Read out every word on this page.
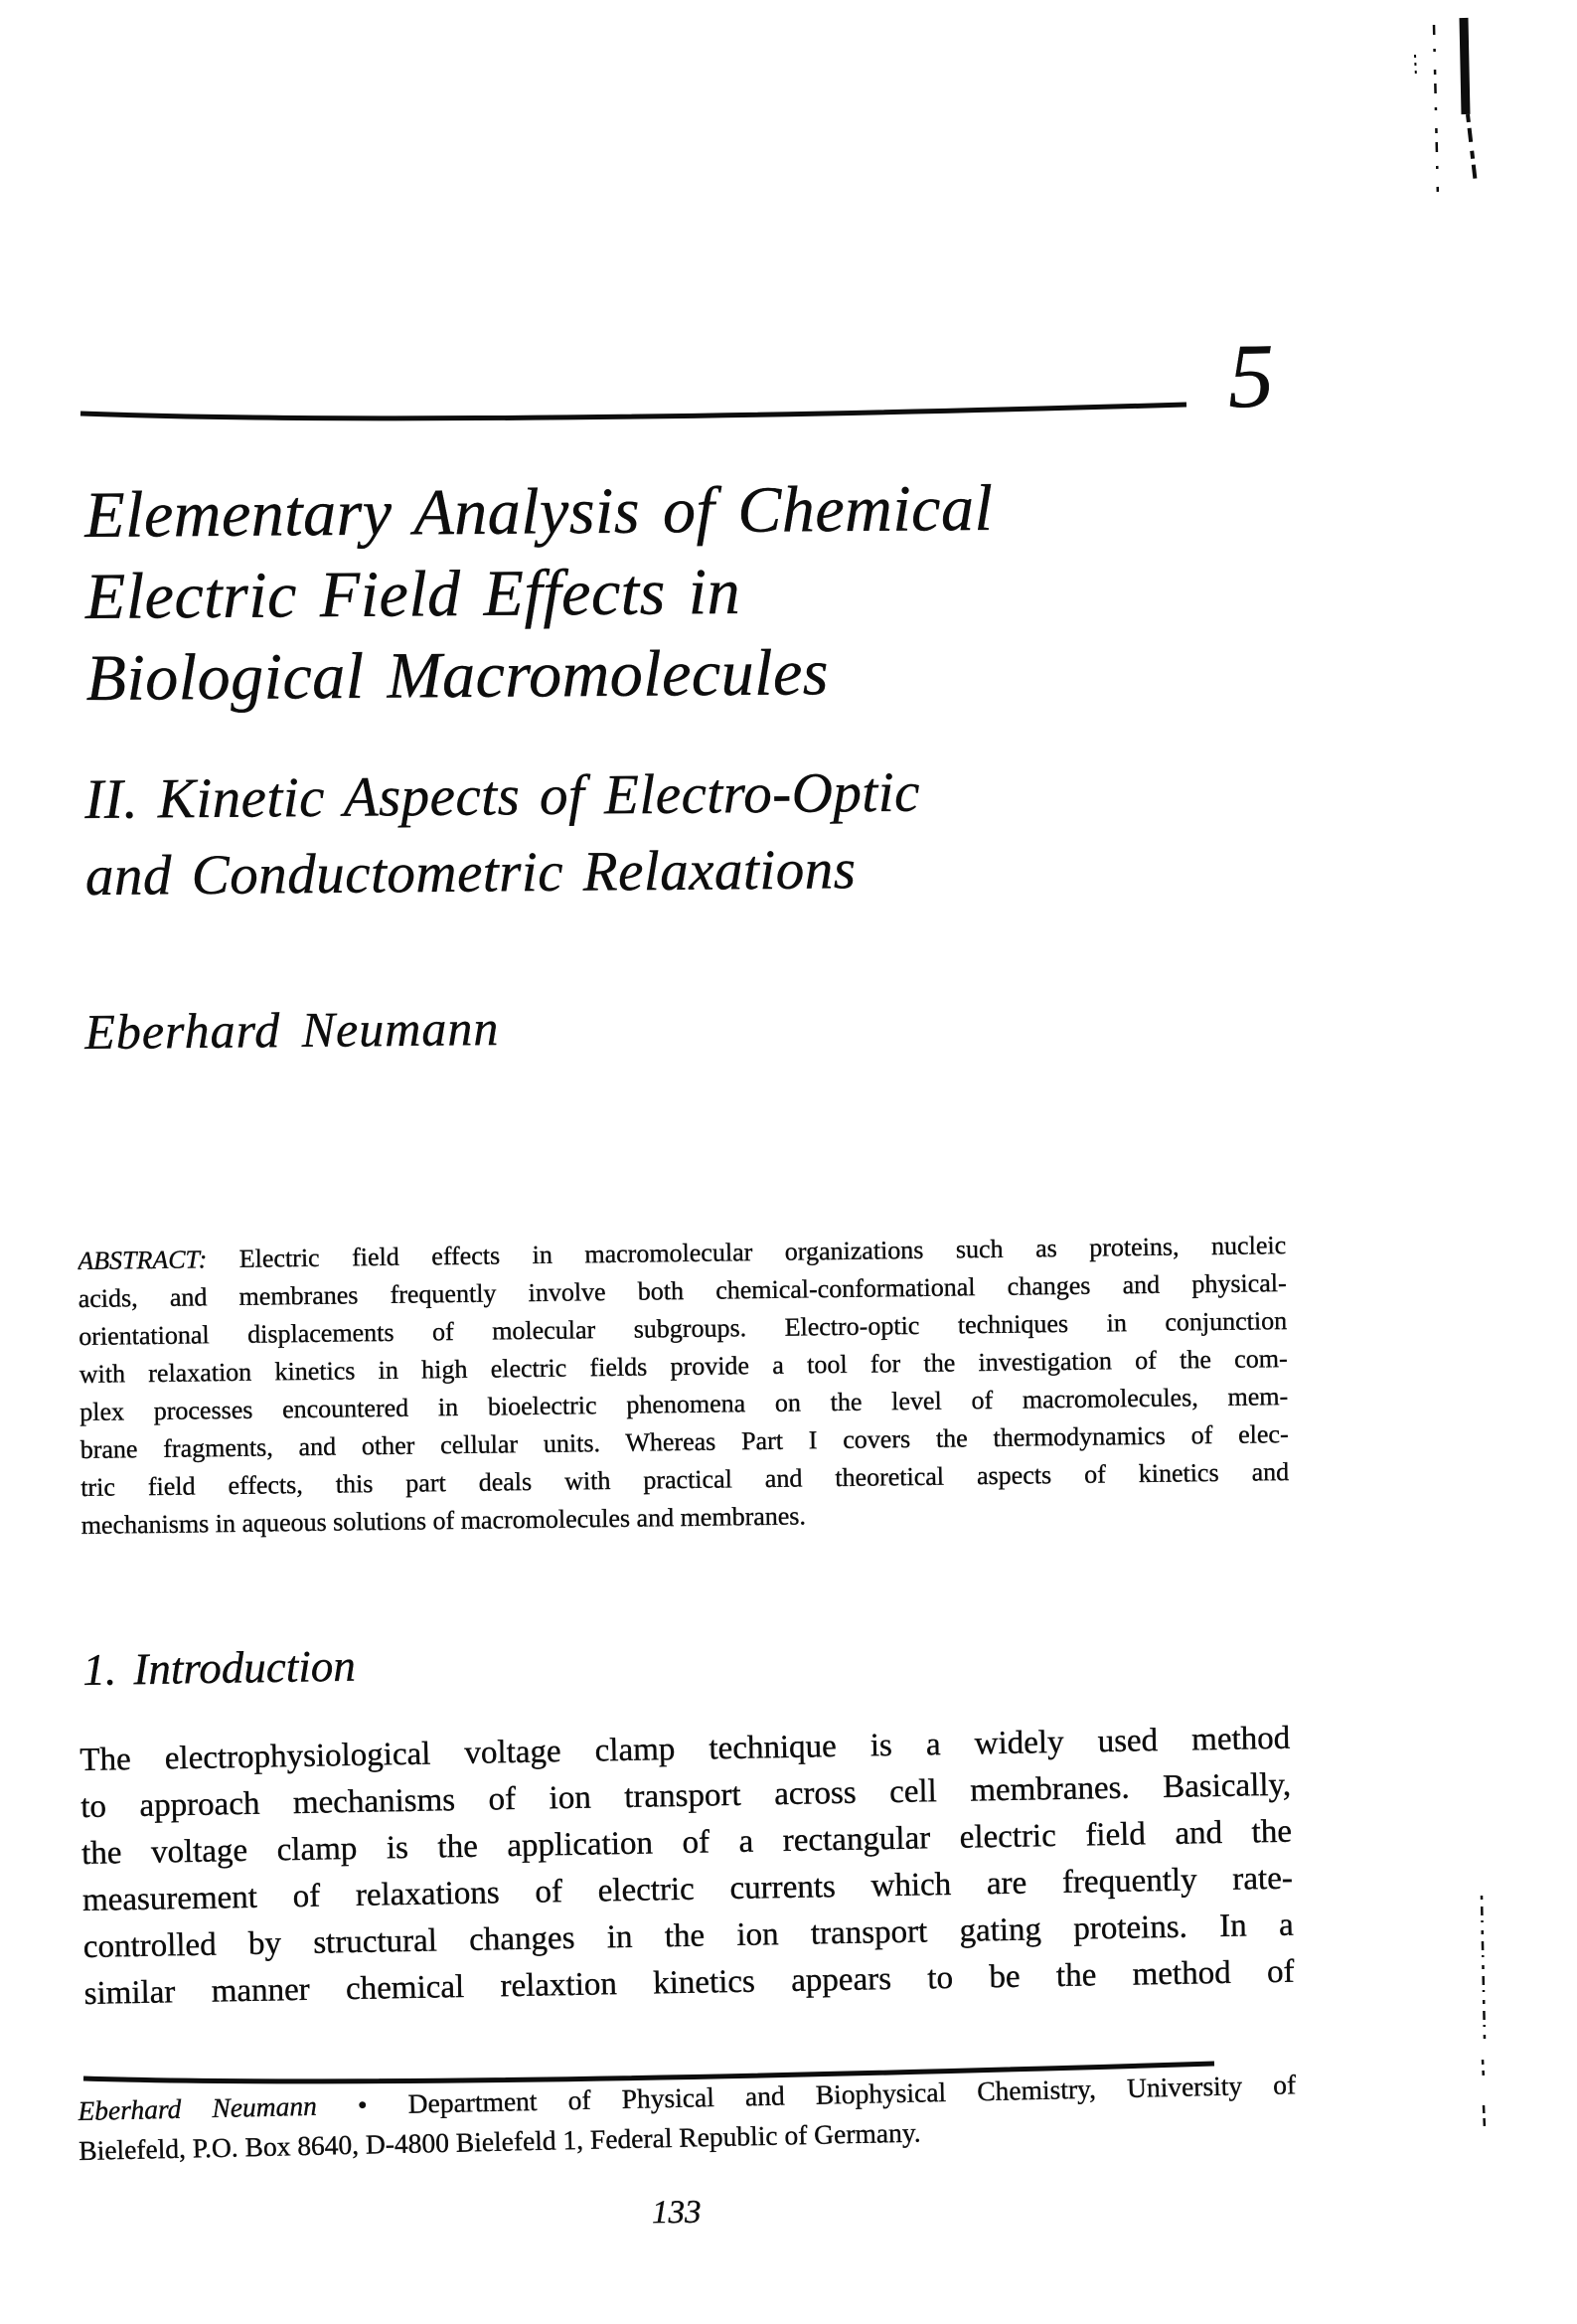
5
Elementary Analysis of Chemical
Electric Field Effects in
Biological Macromolecules
II. Kinetic Aspects of Electro-Optic
and Conductometric Relaxations
Eberhard Neumann
ABSTRACT: Electric field effects in macromolecular organizations such as proteins, nucleic
acids, and membranes frequently involve both chemical-conformational changes and physical-
orientational displacements of molecular subgroups. Electro-optic techniques in conjunction
with relaxation kinetics in high electric fields provide a tool for the investigation of the com-
plex processes encountered in bioelectric phenomena on the level of macromolecules, mem-
brane fragments, and other cellular units. Whereas Part I covers the thermodynamics of elec-
tric field effects, this part deals with practical and theoretical aspects of kinetics and
mechanisms in aqueous solutions of macromolecules and membranes.
1. Introduction
The electrophysiological voltage clamp technique is a widely used method
to approach mechanisms of ion transport across cell membranes. Basically,
the voltage clamp is the application of a rectangular electric field and the
measurement of relaxations of electric currents which are frequently rate-
controlled by structural changes in the ion transport gating proteins. In a
similar manner chemical relaxtion kinetics appears to be the method of
Eberhard Neumann • Department of Physical and Biophysical Chemistry, University of
Bielefeld, P.O. Box 8640, D-4800 Bielefeld 1, Federal Republic of Germany.
133
